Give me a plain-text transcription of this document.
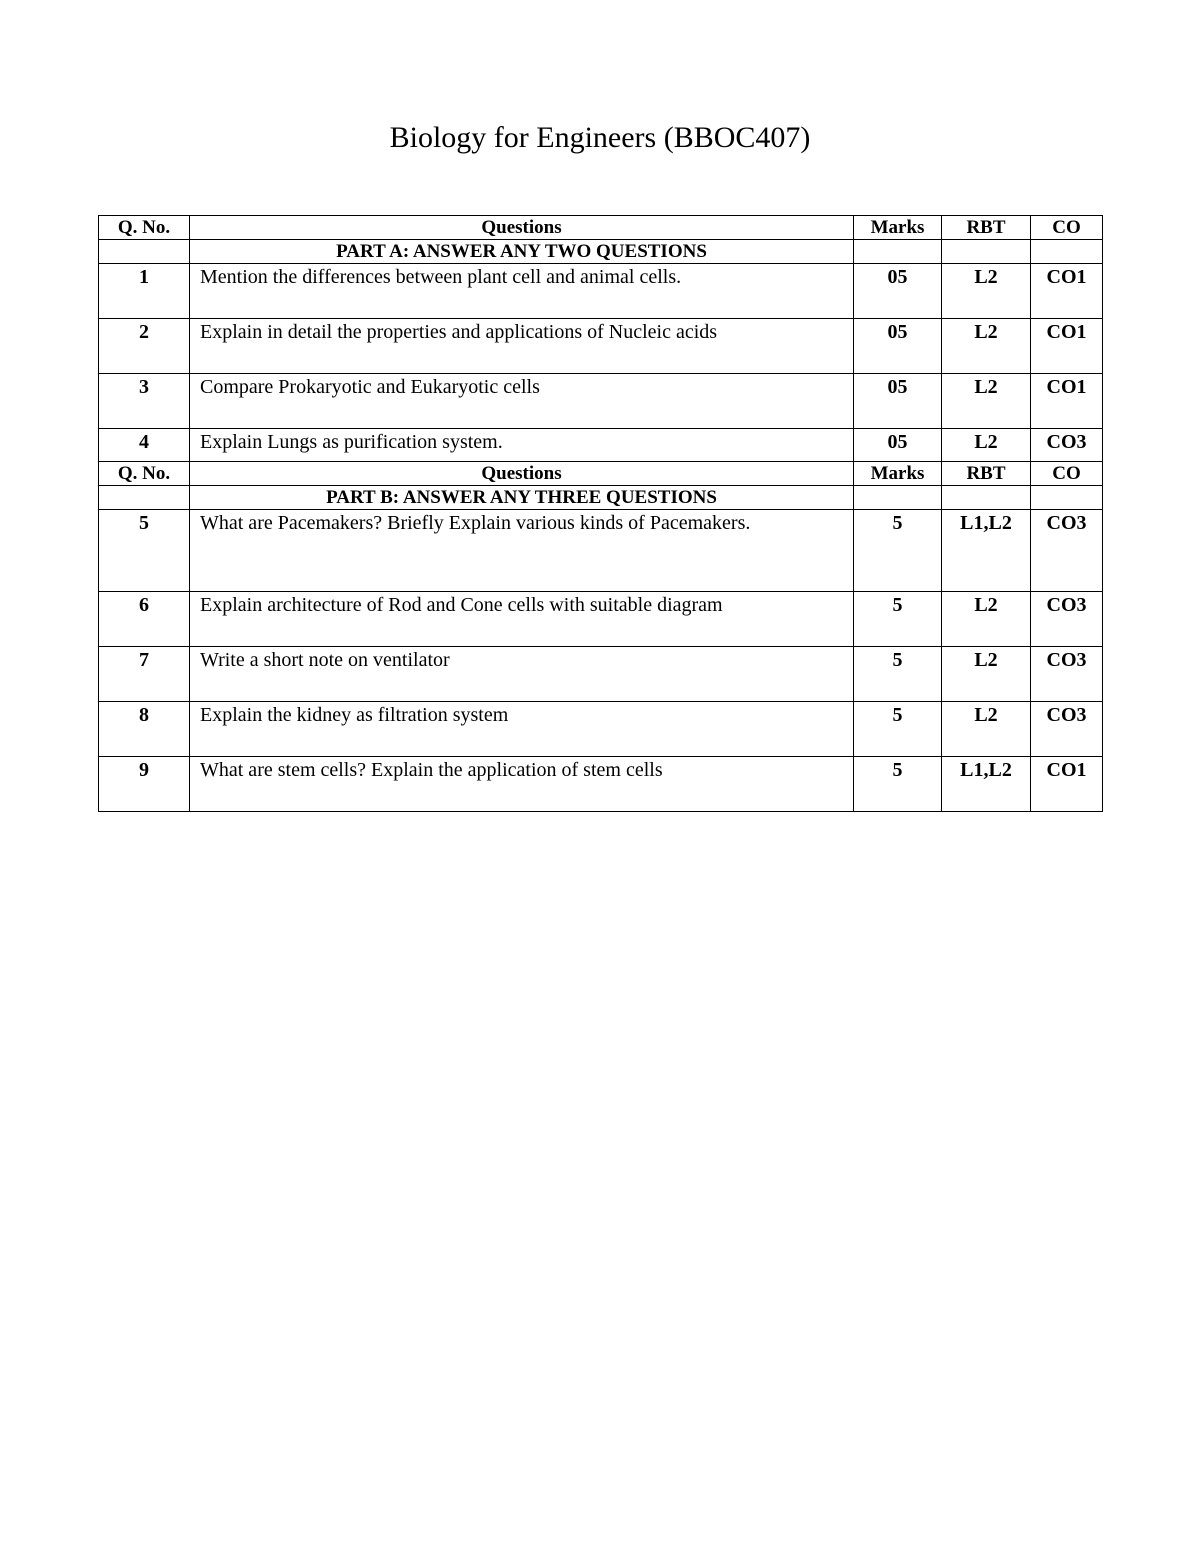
Biology for Engineers (BBOC407)
Q. No.	Questions	Marks	RBT	CO
	PART A: ANSWER ANY TWO QUESTIONS			
1	Mention the differences between plant cell and animal cells.	05	L2	CO1
2	Explain in detail the properties and applications of Nucleic acids	05	L2	CO1
3	Compare Prokaryotic and Eukaryotic cells	05	L2	CO1
4	Explain Lungs as purification system.	05	L2	CO3
Q. No.	Questions	Marks	RBT	CO
	PART B: ANSWER ANY THREE QUESTIONS			
5	What are Pacemakers? Briefly Explain various kinds of Pacemakers.	5	L1,L2	CO3
6	Explain architecture of Rod and Cone cells with suitable diagram	5	L2	CO3
7	Write a short note on ventilator	5	L2	CO3
8	Explain the kidney as filtration system	5	L2	CO3
9	What are stem cells? Explain the application of stem cells	5	L1,L2	CO1
